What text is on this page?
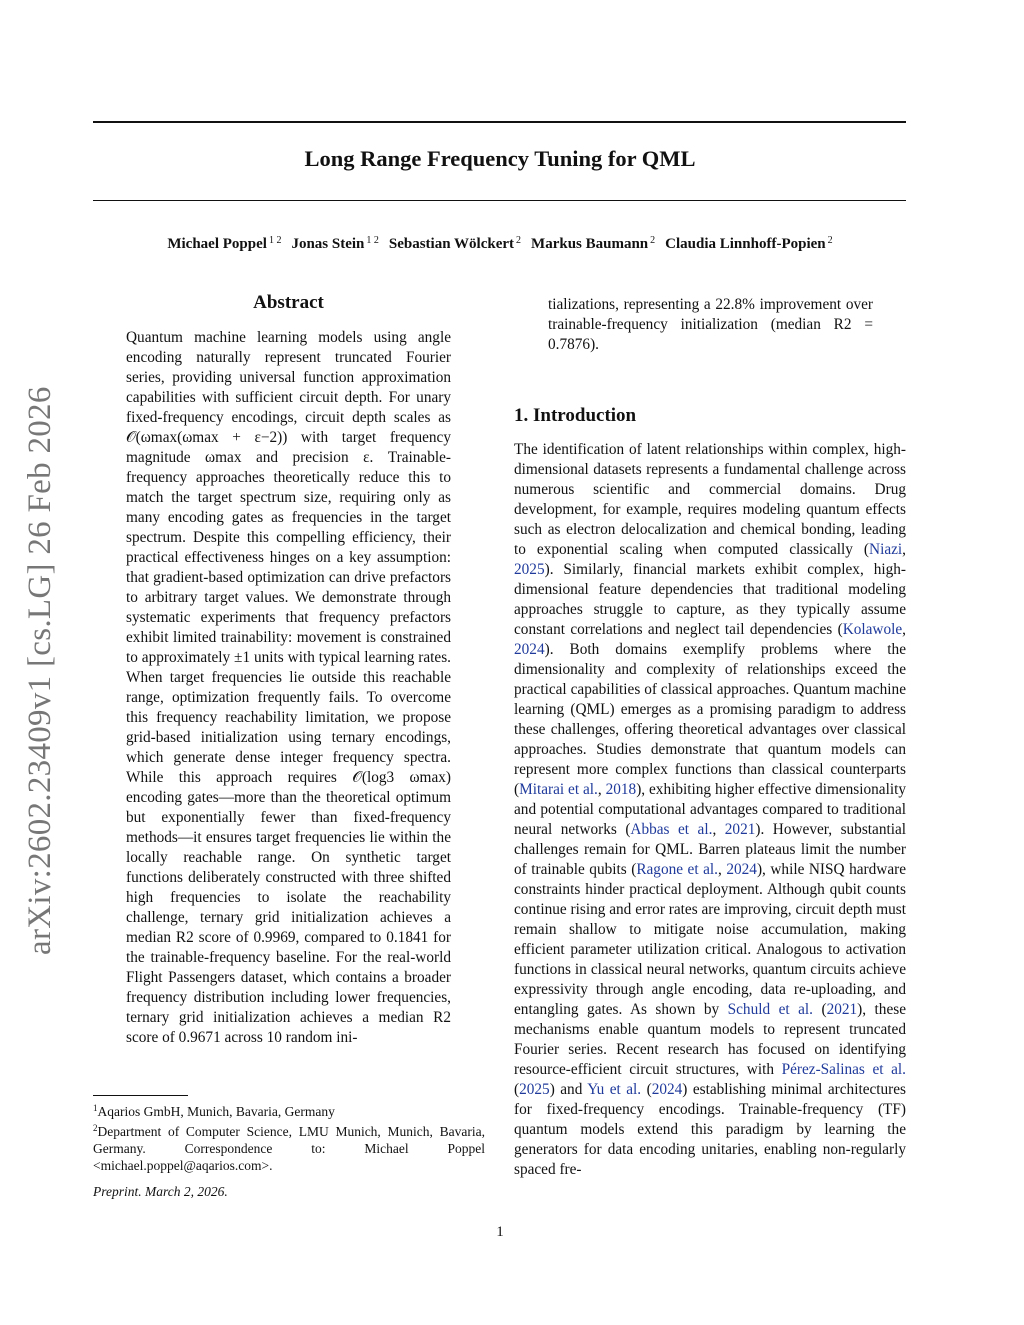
Long Range Frequency Tuning for QML
Michael Poppel $^{1 2}$ Jonas Stein $^{1 2}$ Sebastian Wölckert $^2$ Markus Baumann $^2$ Claudia Linnhoff-Popien $^2$
arXiv:2602.23409v1 [cs.LG] 26 Feb 2026
Abstract

Quantum machine learning models using angle encoding naturally represent truncated Fourier series, providing universal function approximation capabilities with sufficient circuit depth. For unary fixed-frequency encodings, circuit depth scales as 𝒪(ωmax(ωmax + ε−2)) with target frequency magnitude ωmax and precision ε. Trainable-frequency approaches theoretically reduce this to match the target spectrum size, requiring only as many encoding gates as frequencies in the target spectrum. Despite this compelling efficiency, their practical effectiveness hinges on a key assumption: that gradient-based optimization can drive prefactors to arbitrary target values. We demonstrate through systematic experiments that frequency prefactors exhibit limited trainability: movement is constrained to approximately ±1 units with typical learning rates. When target frequencies lie outside this reachable range, optimization frequently fails. To overcome this frequency reachability limitation, we propose grid-based initialization using ternary encodings, which generate dense integer frequency spectra. While this approach requires 𝒪(log3 ωmax) encoding gates—more than the theoretical optimum but exponentially fewer than fixed-frequency methods—it ensures target frequencies lie within the locally reachable range. On synthetic target functions deliberately constructed with three shifted high frequencies to isolate the reachability challenge, ternary grid initialization achieves a median R2 score of 0.9969, compared to 0.1841 for the trainable-frequency baseline. For the real-world Flight Passengers dataset, which contains a broader frequency distribution including lower frequencies, ternary grid initialization achieves a median R2 score of 0.9671 across 10 random ini-

tializations, representing a 22.8% improvement over trainable-frequency initialization (median R2 = 0.7876).

1. Introduction

The identification of latent relationships within complex, high-dimensional datasets represents a fundamental challenge across numerous scientific and commercial domains. Drug development, for example, requires modeling quantum effects such as electron delocalization and chemical bonding, leading to exponential scaling when computed classically (Niazi, 2025). Similarly, financial markets exhibit complex, high-dimensional feature dependencies that traditional modeling approaches struggle to capture, as they typically assume constant correlations and neglect tail dependencies (Kolawole, 2024). Both domains exemplify problems where the dimensionality and complexity of relationships exceed the practical capabilities of classical approaches. Quantum machine learning (QML) emerges as a promising paradigm to address these challenges, offering theoretical advantages over classical approaches. Studies demonstrate that quantum models can represent more complex functions than classical counterparts (Mitarai et al., 2018), exhibiting higher effective dimensionality and potential computational advantages compared to traditional neural networks (Abbas et al., 2021). However, substantial challenges remain for QML. Barren plateaus limit the number of trainable qubits (Ragone et al., 2024), while NISQ hardware constraints hinder practical deployment. Although qubit counts continue rising and error rates are improving, circuit depth must remain shallow to mitigate noise accumulation, making efficient parameter utilization critical. Analogous to activation functions in classical neural networks, quantum circuits achieve expressivity through angle encoding, data re-uploading, and entangling gates. As shown by Schuld et al. (2021), these mechanisms enable quantum models to represent truncated Fourier series. Recent research has focused on identifying resource-efficient circuit structures, with Pérez-Salinas et al. (2025) and Yu et al. (2024) establishing minimal architectures for fixed-frequency encodings. Trainable-frequency (TF) quantum models extend this paradigm by learning the generators for data encoding unitaries, enabling non-regularly spaced fre-

$^1$Aqarios GmbH, Munich, Bavaria, Germany

$^2$Department of Computer Science, LMU Munich, Munich, Bavaria, Germany. Correspondence to: Michael Poppel <michael.poppel@aqarios.com>.

Preprint. March 2, 2026.
1
